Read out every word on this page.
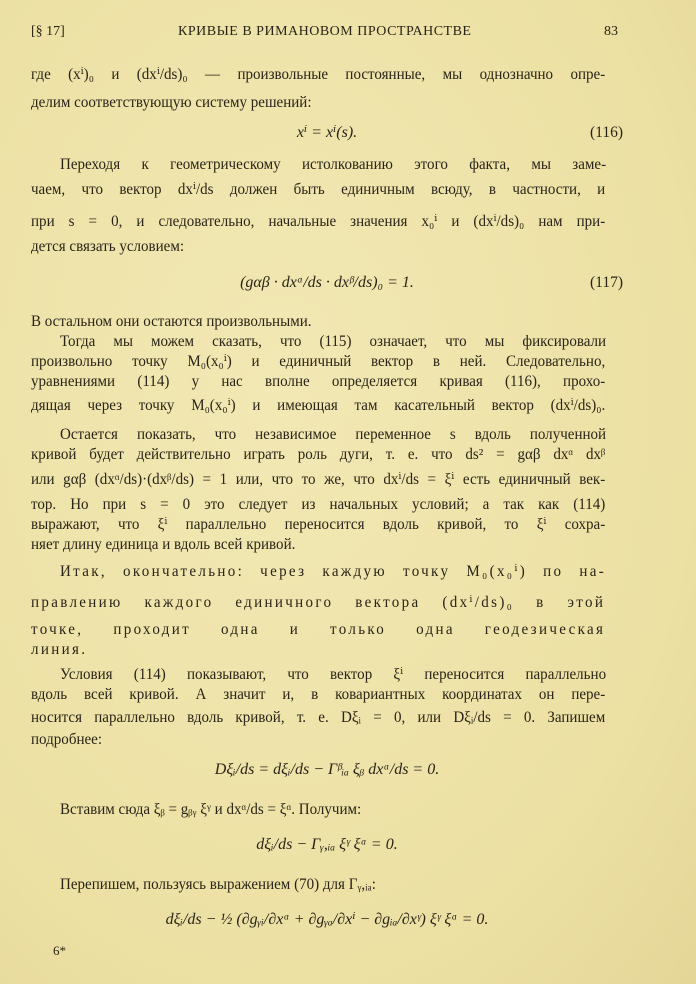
[§ 17]	КРИВЫЕ В РИМАНОВОМ ПРОСТРАНСТВЕ	83
где (xⁱ)₀ и (dxⁱ/ds)₀ — произвольные постоянные, мы однозначно опре-
делим соответствующую систему решений:
xⁱ = xⁱ(s).	(116)
Переходя к геометрическому истолкованию этого факта, мы заме-
чаем, что вектор dxⁱ/ds должен быть единичным всюду, в частности, и
при s = 0, и следовательно, начальные значения x₀ⁱ и (dxⁱ/ds)₀ нам при-
дется связать условием:
(gαβ · dxᵅ/ds · dxᵝ/ds)₀ = 1.	(117)
В остальном они остаются произвольными.
Тогда мы можем сказать, что (115) означает, что мы фиксировали
произвольно точку M₀(x₀ⁱ) и единичный вектор в ней. Следовательно,
уравнениями (114) у нас вполне определяется кривая (116), прохо-
дящая через точку M₀(x₀ⁱ) и имеющая там касательный вектор (dxⁱ/ds)₀.
Остается показать, что независимое переменное s вдоль полученной
кривой будет действительно играть роль дуги, т. е. что ds² = gαβ dxᵅ dxᵝ
или gαβ (dxᵅ/ds)·(dxᵝ/ds) = 1 или, что то же, что dxⁱ/ds = ξⁱ есть единичный век-
тор. Но при s = 0 это следует из начальных условий; а так как (114)
выражают, что ξⁱ параллельно переносится вдоль кривой, то ξⁱ сохра-
няет длину единица и вдоль всей кривой.
Итак, окончательно: через каждую точку M₀(x₀ⁱ) по на-
правлению каждого единичного вектора (dxⁱ/ds)₀ в этой
точке, проходит одна и только одна геодезическая
линия.
Условия (114) показывают, что вектор ξⁱ переносится параллельно
вдоль всей кривой. А значит и, в ковариантных координатах он пере-
носится параллельно вдоль кривой, т. е. Dξᵢ = 0, или Dξᵢ/ds = 0. Запишем
подробнее:
Dξᵢ/ds = dξᵢ/ds − Γᵝᵢₐ ξᵦ dxᵅ/ds = 0.
Вставим сюда ξᵦ = gᵦᵧ ξᵞ и dxᵅ/ds = ξᵅ. Получим:
dξᵢ/ds − Γᵧ,ᵢₐ ξᵞ ξᵅ = 0.
Перепишем, пользуясь выражением (70) для Γᵧ,ᵢₐ:
dξᵢ/ds − ½ (∂gᵧᵢ/∂xᵅ + ∂gᵧₐ/∂xⁱ − ∂gᵢₐ/∂xᵞ) ξᵞ ξᵅ = 0.
6*
